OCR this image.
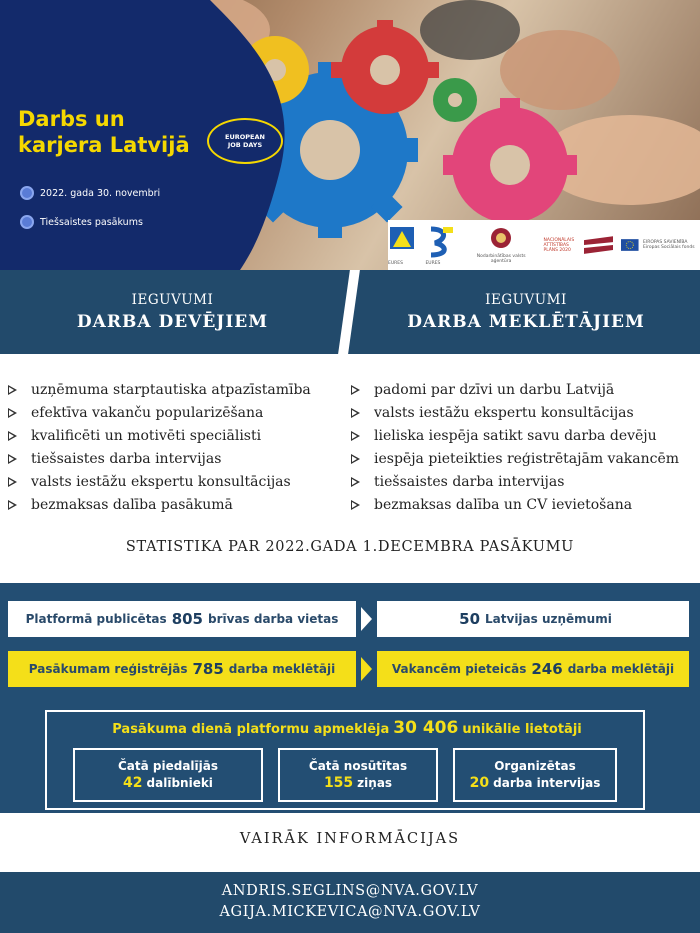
Darbs un
karjera Latvijā	EUROPEAN
JOB DAYS
2022. gada 30. novembri
Tiešsaistes pasākums
EURES	EURES
Nodarbinātības valsts aģentūra
NACIONĀLAIS ATTĪSTĪBAS PLĀNS 2020
EIROPAS SAVIENĪBA Eiropas Sociālais fonds
IEGUVUMI
DARBA DEVĒJIEM
IEGUVUMI
DARBA MEKLĒTĀJIEM
uzņēmuma starptautiska atpazīstamība
efektīva vakanču popularizēšana
kvalificēti un motivēti speciālisti
tiešsaistes darba intervijas
valsts iestāžu ekspertu konsultācijas
bezmaksas dalība pasākumā
padomi par dzīvi un darbu Latvijā
valsts iestāžu ekspertu konsultācijas
lieliska iespēja satikt savu darba devēju
iespēja pieteikties reģistrētajām vakancēm
tiešsaistes darba intervijas
bezmaksas dalība un CV ievietošana
STATISTIKA PAR 2022.GADA 1.DECEMBRA PASĀKUMU
Platformā publicētas 805 brīvas darba vietas	50 Latvijas uzņēmumi
Pasākumam reģistrējās 785 darba meklētāji	Vakancēm pieteicās 246 darba meklētāji
Pasākuma dienā platformu apmeklēja 30 406 unikālie lietotāji
Čatā piedalījās
42 dalībnieki
Čatā nosūtītas
155 ziņas
Organizētas
20 darba intervijas
VAIRĀK INFORMĀCIJAS
ANDRIS.SEGLINS@NVA.GOV.LV
AGIJA.MICKEVICA@NVA.GOV.LV
